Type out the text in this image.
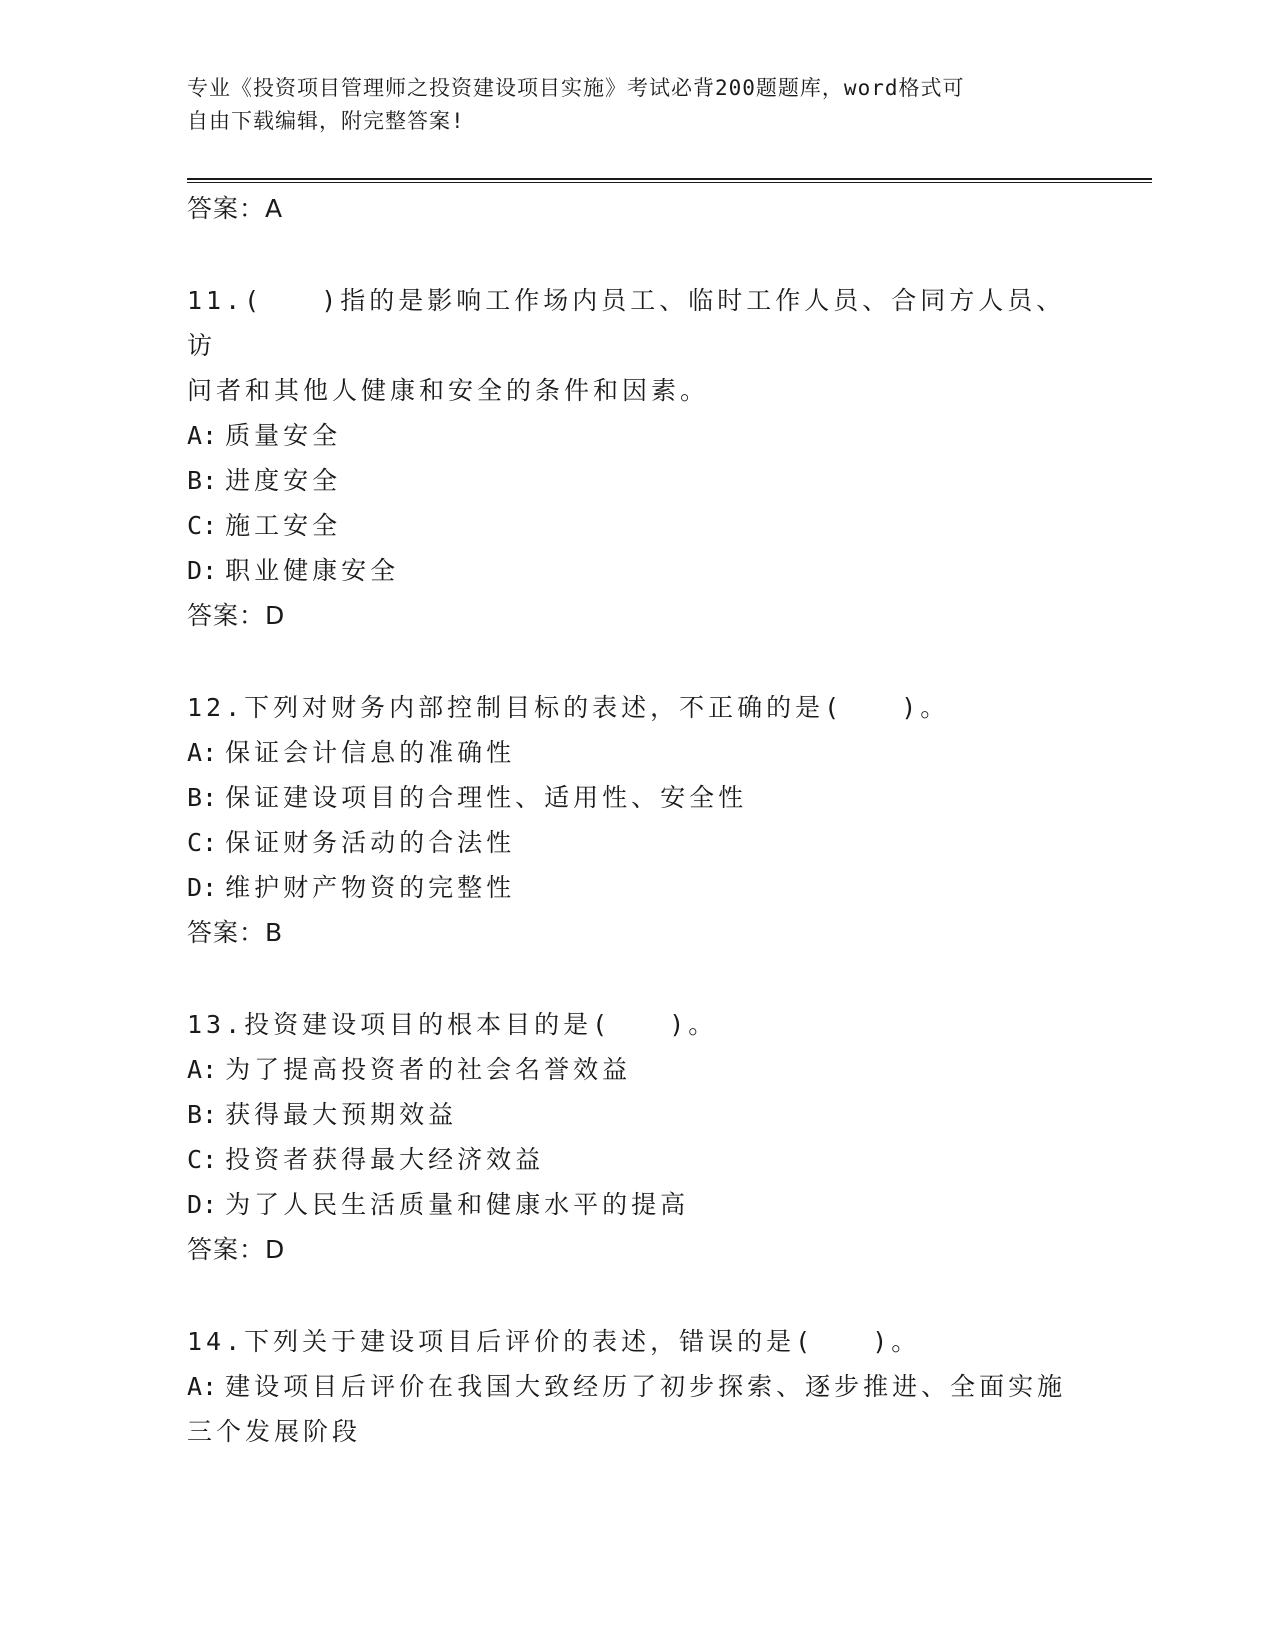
专业《投资项目管理师之投资建设项目实施》考试必背200题题库，word格式可
自由下载编辑，附完整答案!
答案：A
11.(　　)指的是影响工作场内员工、临时工作人员、合同方人员、访
问者和其他人健康和安全的条件和因素。
A: 质量安全
B: 进度安全
C: 施工安全
D: 职业健康安全
答案：D
12.下列对财务内部控制目标的表述，不正确的是(　　)。
A: 保证会计信息的准确性
B: 保证建设项目的合理性、适用性、安全性
C: 保证财务活动的合法性
D: 维护财产物资的完整性
答案：B
13.投资建设项目的根本目的是(　　)。
A: 为了提高投资者的社会名誉效益
B: 获得最大预期效益
C: 投资者获得最大经济效益
D: 为了人民生活质量和健康水平的提高
答案：D
14.下列关于建设项目后评价的表述，错误的是(　　)。
A: 建设项目后评价在我国大致经历了初步探索、逐步推进、全面实施
三个发展阶段
